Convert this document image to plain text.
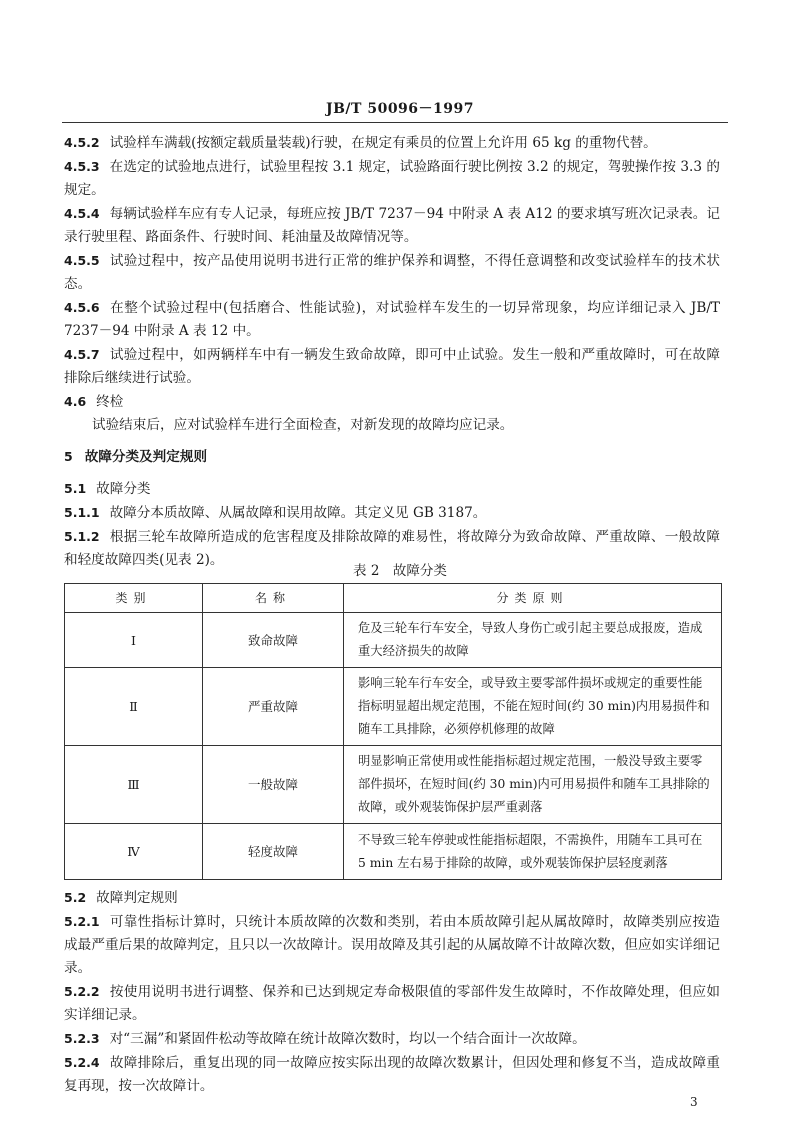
JB/T 50096－1997

4.5.2 试验样车满载(按额定载质量装载)行驶，在规定有乘员的位置上允许用 65 kg 的重物代替。

4.5.3 在选定的试验地点进行，试验里程按 3.1 规定，试验路面行驶比例按 3.2 的规定，驾驶操作按 3.3 的规定。

4.5.4 每辆试验样车应有专人记录，每班应按 JB/T 7237－94 中附录 A 表 A12 的要求填写班次记录表。记录行驶里程、路面条件、行驶时间、耗油量及故障情况等。

4.5.5 试验过程中，按产品使用说明书进行正常的维护保养和调整，不得任意调整和改变试验样车的技术状态。

4.5.6 在整个试验过程中(包括磨合、性能试验)，对试验样车发生的一切异常现象，均应详细记录入 JB/T 7237－94 中附录 A 表 12 中。

4.5.7 试验过程中，如两辆样车中有一辆发生致命故障，即可中止试验。发生一般和严重故障时，可在故障排除后继续进行试验。

4.6 终检

试验结束后，应对试验样车进行全面检查，对新发现的故障均应记录。

5 故障分类及判定规则

5.1 故障分类

5.1.1 故障分本质故障、从属故障和误用故障。其定义见 GB 3187。

5.1.2 根据三轮车故障所造成的危害程度及排除故障的难易性，将故障分为致命故障、严重故障、一般故障和轻度故障四类(见表 2)。

表 2　故障分类
类别	名称	分类原则
Ⅰ	致命故障	危及三轮车行车安全，导致人身伤亡或引起主要总成报废，造成重大经济损失的故障
Ⅱ	严重故障	影响三轮车行车安全，或导致主要零部件损坏或规定的重要性能指标明显超出规定范围，不能在短时间(约 30 min)内用易损件和随车工具排除，必须停机修理的故障
Ⅲ	一般故障	明显影响正常使用或性能指标超过规定范围，一般没导致主要零部件损坏，在短时间(约 30 min)内可用易损件和随车工具排除的故障，或外观装饰保护层严重剥落
Ⅳ	轻度故障	不导致三轮车停驶或性能指标超限，不需换件，用随车工具可在 5 min 左右易于排除的故障，或外观装饰保护层轻度剥落

5.2 故障判定规则

5.2.1 可靠性指标计算时，只统计本质故障的次数和类别，若由本质故障引起从属故障时，故障类别应按造成最严重后果的故障判定，且只以一次故障计。误用故障及其引起的从属故障不计故障次数，但应如实详细记录。

5.2.2 按使用说明书进行调整、保养和已达到规定寿命极限值的零部件发生故障时，不作故障处理，但应如实详细记录。

5.2.3 对“三漏”和紧固件松动等故障在统计故障次数时，均以一个结合面计一次故障。

5.2.4 故障排除后，重复出现的同一故障应按实际出现的故障次数累计，但因处理和修复不当，造成故障重复再现，按一次故障计。

3
